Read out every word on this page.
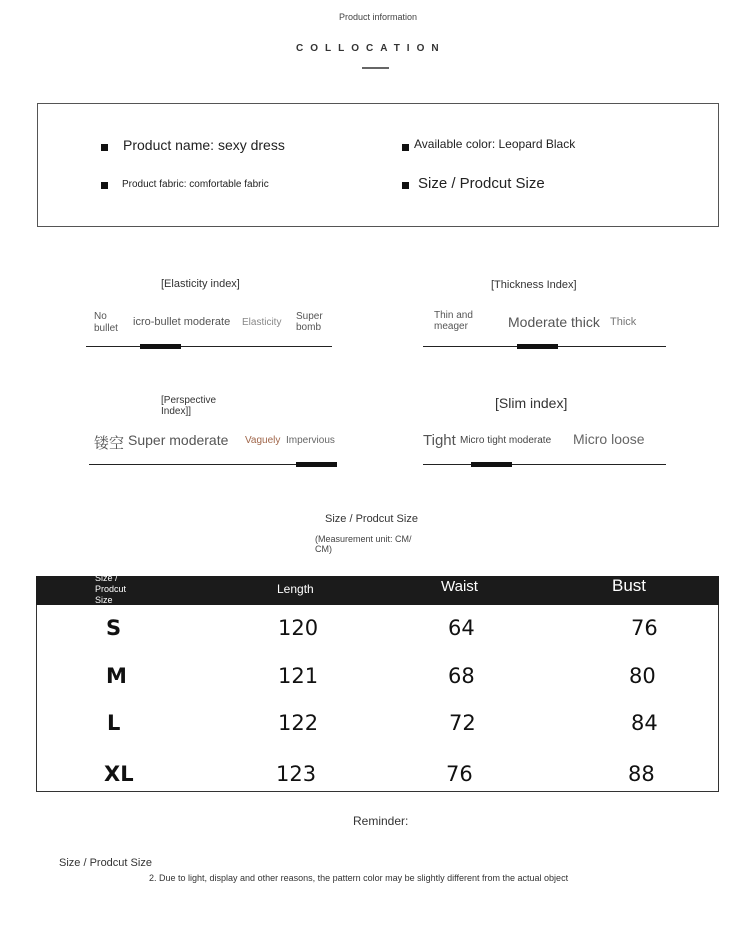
Product information
COLLOCATION
Product name: sexy dress	Available color: Leopard Black
Product fabric: comfortable fabric	Size / Prodcut Size
[Elasticity index]
No bullet
icro-bullet moderate Elasticity
Super bomb
[Thickness Index]
Thin and meager	Moderate thick Thick
[Perspective Index]]
镂空 Super moderate Vaguely Impervious
[Slim index]
Tight Micro tight moderate Micro loose
Size / Prodcut Size
(Measurement unit: CM/ CM)
Size / Prodcut Size
Length	Waist	Bust
S	120	64	76
M	121	68	80
L	122	72	84
XL	123	76	88
Reminder:
Size / Prodcut Size
2. Due to light, display and other reasons, the pattern color may be slightly different from the actual object
